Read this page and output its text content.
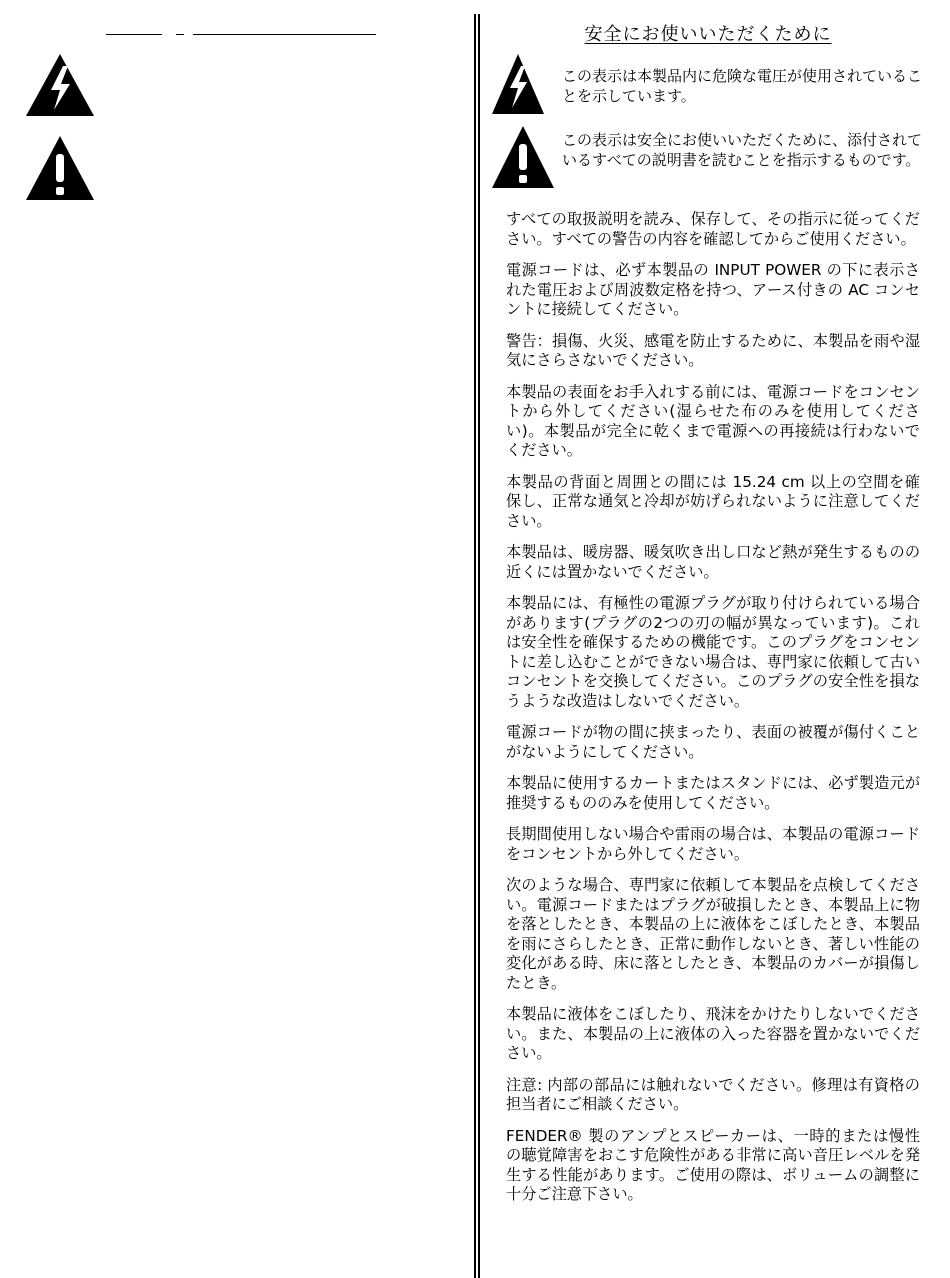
安全にお使いいただくために
この表示は本製品内に危険な電圧が使用されていることを示しています。
この表示は安全にお使いいただくために、添付されているすべての説明書を読むことを指示するものです。

すべての取扱説明を読み、保存して、その指示に従ってください。すべての警告の内容を確認してからご使用ください。

電源コードは、必ず本製品の INPUT POWER の下に表示された電圧および周波数定格を持つ、アース付きの AC コンセントに接続してください。

警告：損傷、火災、感電を防止するために、本製品を雨や湿気にさらさないでください。

本製品の表面をお手入れする前には、電源コードをコンセントから外してください(湿らせた布のみを使用してください)。本製品が完全に乾くまで電源への再接続は行わないでください。

本製品の背面と周囲との間には 15.24 cm 以上の空間を確保し、正常な通気と冷却が妨げられないように注意してください。

本製品は、暖房器、暖気吹き出し口など熱が発生するものの近くには置かないでください。

本製品には、有極性の電源プラグが取り付けられている場合があります(プラグの2つの刃の幅が異なっています)。これは安全性を確保するための機能です。このプラグをコンセントに差し込むことができない場合は、専門家に依頼して古いコンセントを交換してください。このプラグの安全性を損なうような改造はしないでください。

電源コードが物の間に挟まったり、表面の被覆が傷付くことがないようにしてください。

本製品に使用するカートまたはスタンドには、必ず製造元が推奨するもののみを使用してください。

長期間使用しない場合や雷雨の場合は、本製品の電源コードをコンセントから外してください。

次のような場合、専門家に依頼して本製品を点検してください。電源コードまたはプラグが破損したとき、本製品上に物を落としたとき、本製品の上に液体をこぼしたとき、本製品を雨にさらしたとき、正常に動作しないとき、著しい性能の変化がある時、床に落としたとき、本製品のカバーが損傷したとき。

本製品に液体をこぼしたり、飛沫をかけたりしないでください。また、本製品の上に液体の入った容器を置かないでください。

注意: 内部の部品には触れないでください。修理は有資格の担当者にご相談ください。

FENDER® 製のアンプとスピーカーは、一時的または慢性の聴覚障害をおこす危険性がある非常に高い音圧レベルを発生する性能があります。ご使用の際は、ボリュームの調整に十分ご注意下さい。
